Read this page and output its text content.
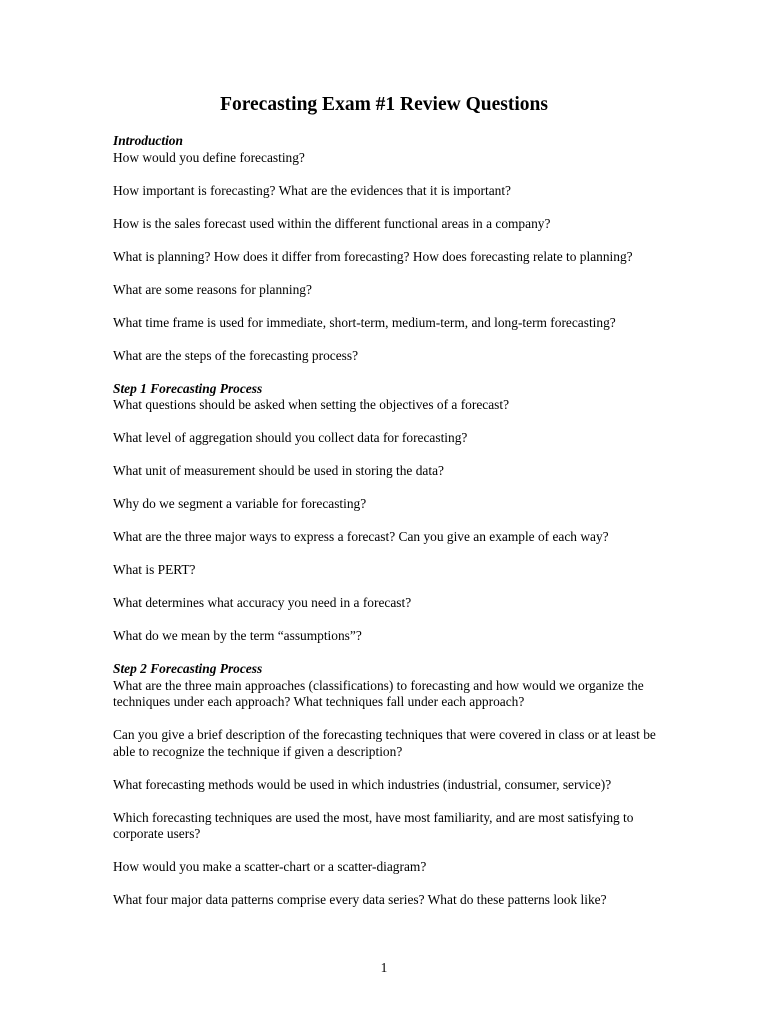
Forecasting Exam #1 Review Questions

Introduction

How would you define forecasting?

How important is forecasting? What are the evidences that it is important?

How is the sales forecast used within the different functional areas in a company?

What is planning? How does it differ from forecasting? How does forecasting relate to planning?

What are some reasons for planning?

What time frame is used for immediate, short-term, medium-term, and long-term forecasting?

What are the steps of the forecasting process?

Step 1 Forecasting Process

What questions should be asked when setting the objectives of a forecast?

What level of aggregation should you collect data for forecasting?

What unit of measurement should be used in storing the data?

Why do we segment a variable for forecasting?

What are the three major ways to express a forecast? Can you give an example of each way?

What is PERT?

What determines what accuracy you need in a forecast?

What do we mean by the term “assumptions”?

Step 2 Forecasting Process

What are the three main approaches (classifications) to forecasting and how would we organize the techniques under each approach? What techniques fall under each approach?

Can you give a brief description of the forecasting techniques that were covered in class or at least be able to recognize the technique if given a description?

What forecasting methods would be used in which industries (industrial, consumer, service)?

Which forecasting techniques are used the most, have most familiarity, and are most satisfying to corporate users?

How would you make a scatter-chart or a scatter-diagram?

What four major data patterns comprise every data series? What do these patterns look like?

1
